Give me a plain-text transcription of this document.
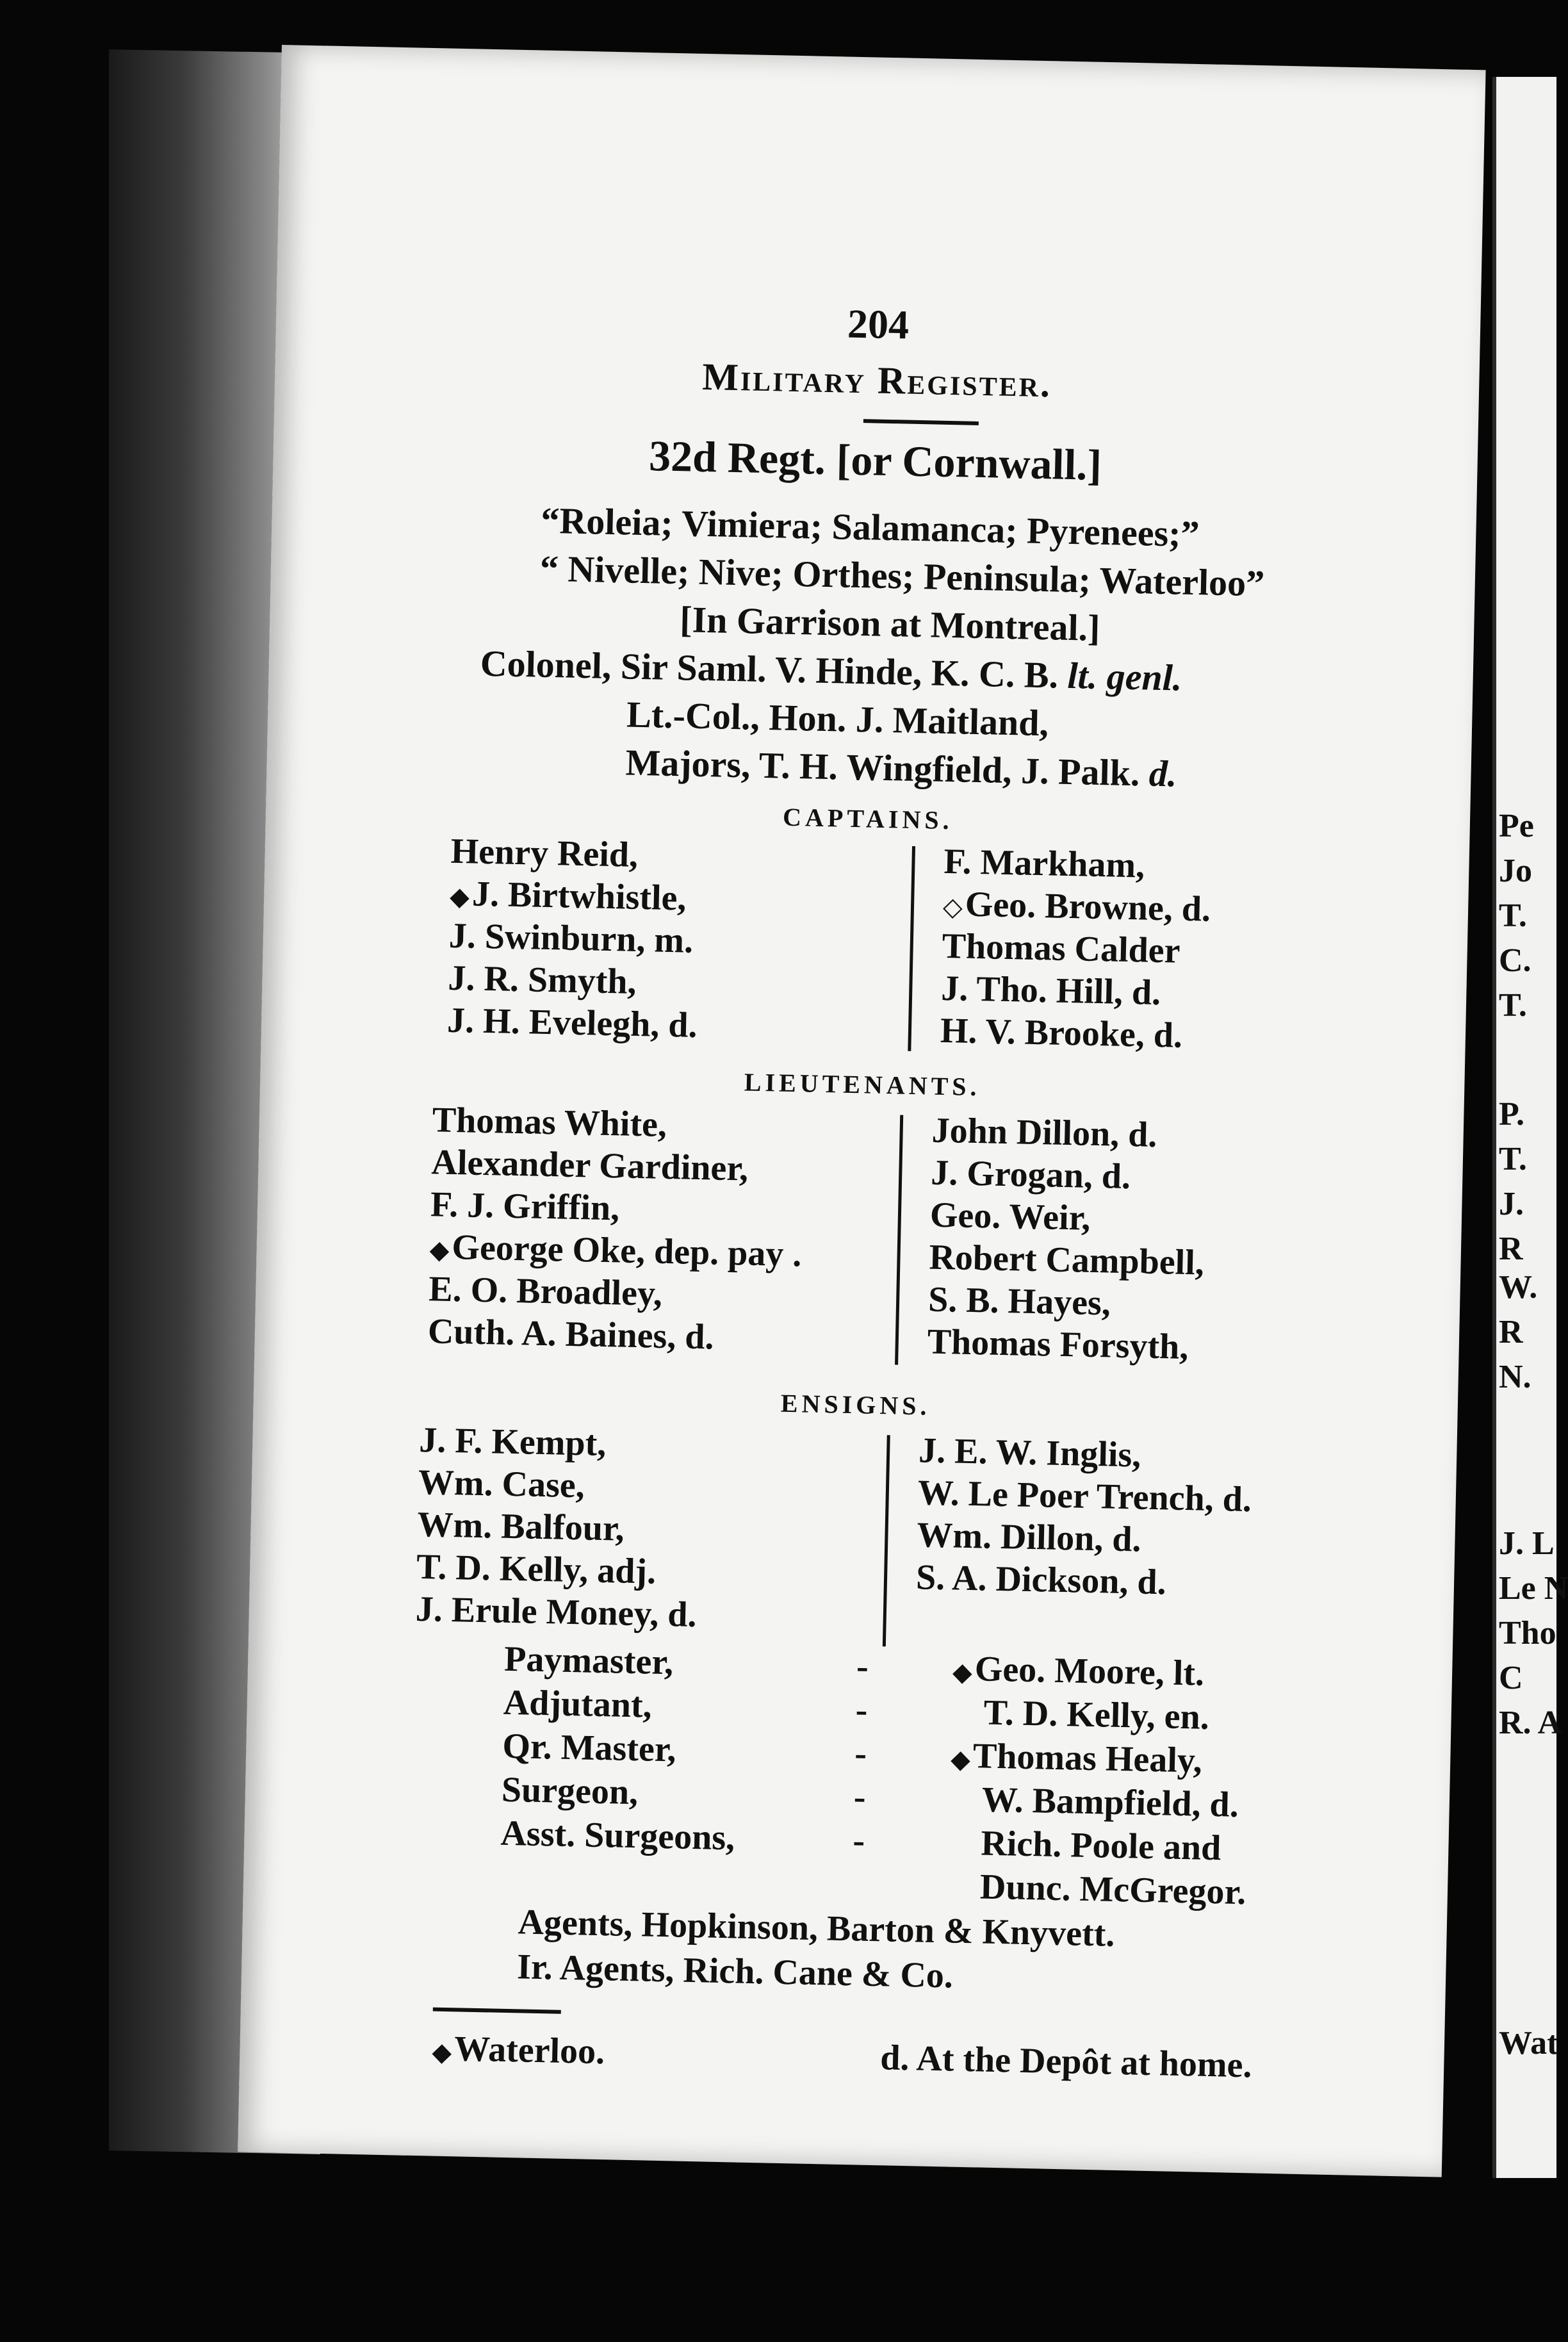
Pe
Jo
T.
C.
T.
P.
T.
J.
R
W.
R
N.
J. L
Le N
Tho
C
R. A
Wat
204
Military Register.
32d Regt. [or Cornwall.]
“Roleia; Vimiera; Salamanca; Pyrenees;”
“ Nivelle; Nive; Orthes; Peninsula; Waterloo”
[In Garrison at Montreal.]
Colonel, Sir Saml. V. Hinde, K. C. B. lt. genl.
Lt.-Col., Hon. J. Maitland,
Majors, T. H. Wingfield, J. Palk. d.
CAPTAINS.
Henry Reid,
◆J. Birtwhistle,
J. Swinburn, m.
J. R. Smyth,
J. H. Evelegh, d.
F. Markham,
◇Geo. Browne, d.
Thomas Calder
J. Tho. Hill, d.
H. V. Brooke, d.
LIEUTENANTS.
Thomas White,
Alexander Gardiner,
F. J. Griffin,
◆George Oke, dep. pay .
E. O. Broadley,
Cuth. A. Baines, d.
John Dillon, d.
J. Grogan, d.
Geo. Weir,
Robert Campbell,
S. B. Hayes,
Thomas Forsyth,
ENSIGNS.
J. F. Kempt,
Wm. Case,
Wm. Balfour,
T. D. Kelly, adj.
J. Erule Money, d.
J. E. W. Inglis,
W. Le Poer Trench, d.
Wm. Dillon, d.
S. A. Dickson, d.
Paymaster,	-	◆Geo. Moore, lt.
Adjutant,	-	T. D. Kelly, en.
Qr. Master,	-	◆Thomas Healy,
Surgeon,	-	W. Bampfield, d.
Asst. Surgeons,	-	Rich. Poole and
Dunc. McGregor.
Agents, Hopkinson, Barton & Knyvett.
Ir. Agents, Rich. Cane & Co.
◆Waterloo.	d. At the Depôt at home.
